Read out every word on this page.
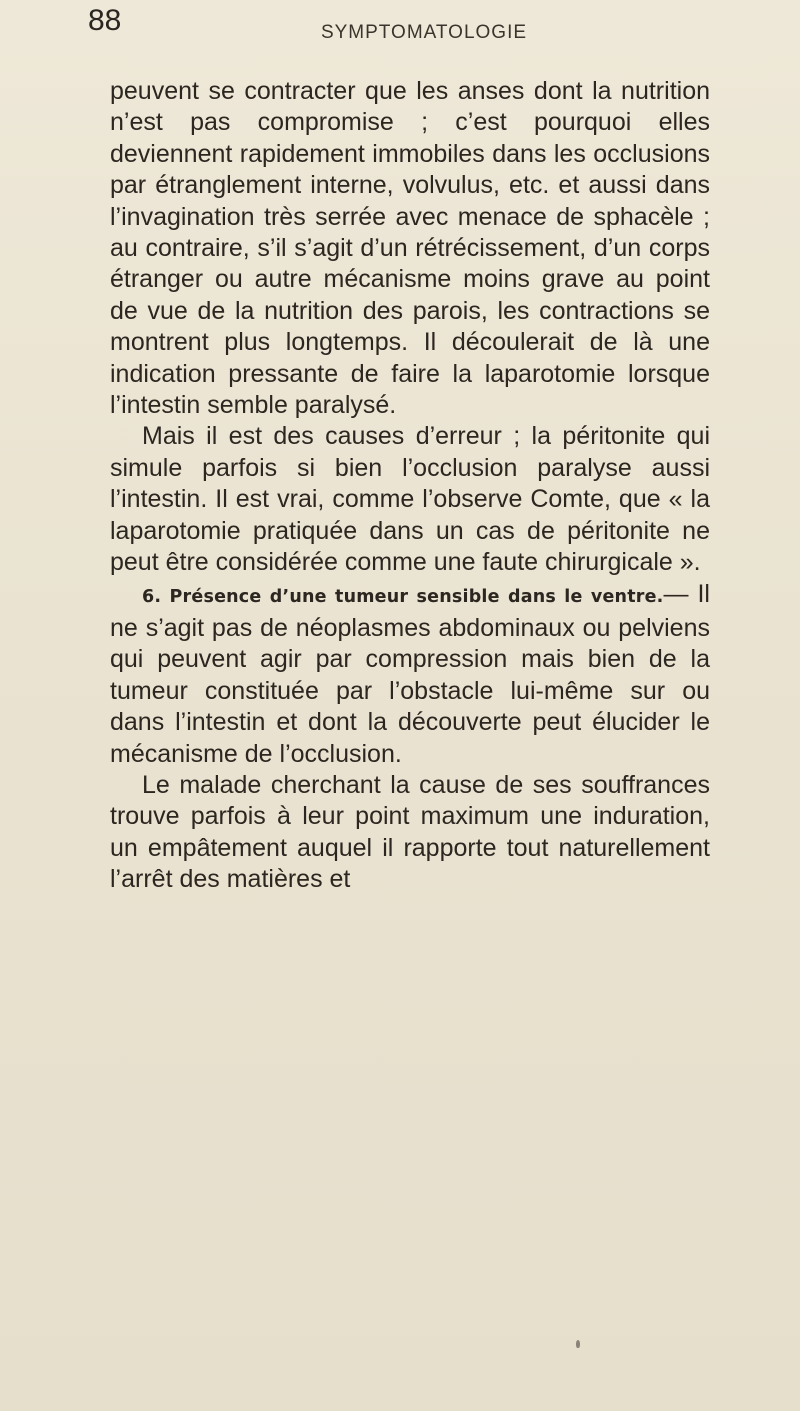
88	SYMPTOMATOLOGIE

peuvent se contracter que les anses dont la nutrition n’est pas compromise ; c’est pourquoi elles deviennent rapidement immobiles dans les occlusions par étranglement interne, volvulus, etc. et aussi dans l’invagination très serrée avec menace de sphacèle ; au contraire, s’il s’agit d’un rétrécissement, d’un corps étranger ou autre mécanisme moins grave au point de vue de la nutrition des parois, les contractions se montrent plus longtemps. Il découlerait de là une indication pressante de faire la laparotomie lorsque l’intestin semble paralysé.

Mais il est des causes d’erreur ; la péritonite qui simule parfois si bien l’occlusion paralyse aussi l’intestin. Il est vrai, comme l’observe Comte, que « la laparotomie pratiquée dans un cas de péritonite ne peut être considérée comme une faute chirurgicale ».

6. Présence d’une tumeur sensible dans le ventre.— Il ne s’agit pas de néoplasmes abdominaux ou pelviens qui peuvent agir par compression mais bien de la tumeur constituée par l’obstacle lui-même sur ou dans l’intestin et dont la découverte peut élucider le mécanisme de l’occlusion.

Le malade cherchant la cause de ses souffrances trouve parfois à leur point maximum une induration, un empâtement auquel il rapporte tout naturellement l’arrêt des matières et
